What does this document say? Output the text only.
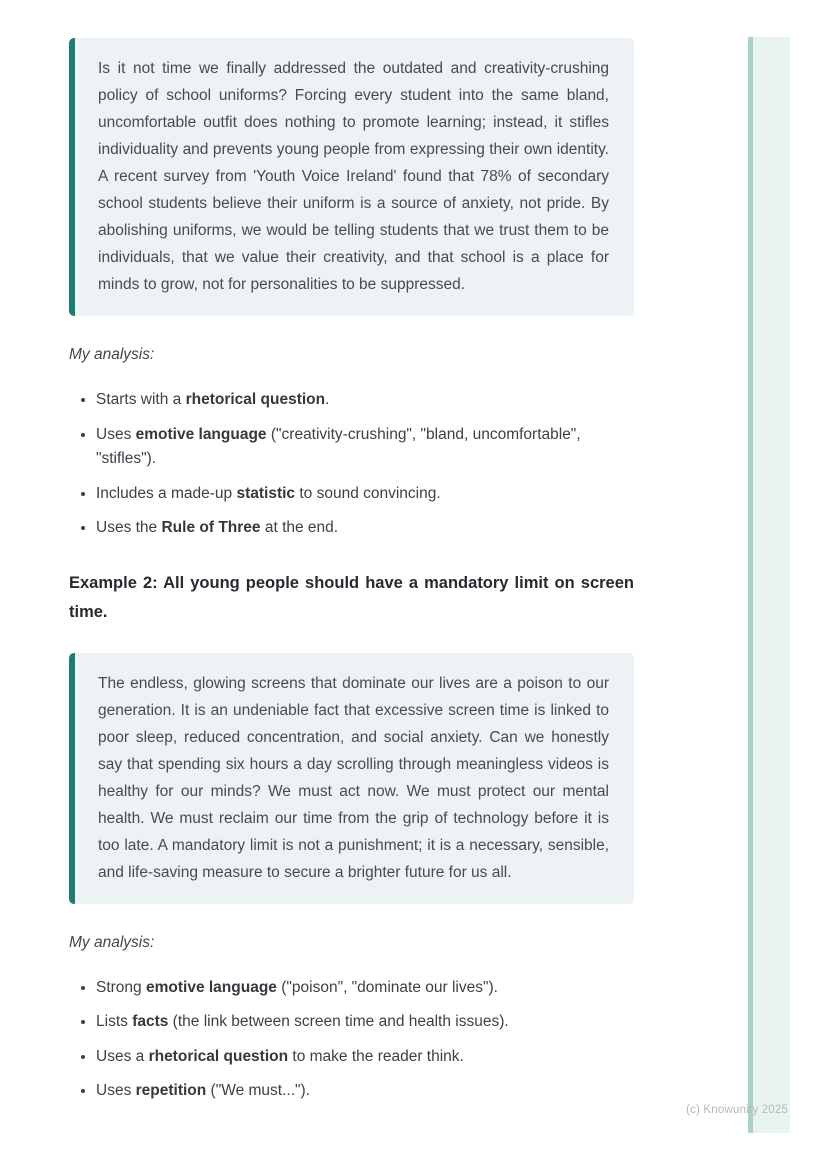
(c) Knowunity 2025
Is it not time we finally addressed the outdated and creativity-crushing policy of school uniforms? Forcing every student into the same bland, uncomfortable outfit does nothing to promote learning; instead, it stifles individuality and prevents young people from expressing their own identity. A recent survey from 'Youth Voice Ireland' found that 78% of secondary school students believe their uniform is a source of anxiety, not pride. By abolishing uniforms, we would be telling students that we trust them to be individuals, that we value their creativity, and that school is a place for minds to grow, not for personalities to be suppressed.
My analysis:
• Starts with a rhetorical question.
• Uses emotive language ("creativity-crushing", "bland, uncomfortable", "stifles").
• Includes a made-up statistic to sound convincing.
• Uses the Rule of Three at the end.
Example 2: All young people should have a mandatory limit on screen time.
The endless, glowing screens that dominate our lives are a poison to our generation. It is an undeniable fact that excessive screen time is linked to poor sleep, reduced concentration, and social anxiety. Can we honestly say that spending six hours a day scrolling through meaningless videos is healthy for our minds? We must act now. We must protect our mental health. We must reclaim our time from the grip of technology before it is too late. A mandatory limit is not a punishment; it is a necessary, sensible, and life-saving measure to secure a brighter future for us all.
My analysis:
• Strong emotive language ("poison", "dominate our lives").
• Lists facts (the link between screen time and health issues).
• Uses a rhetorical question to make the reader think.
• Uses repetition ("We must...").
